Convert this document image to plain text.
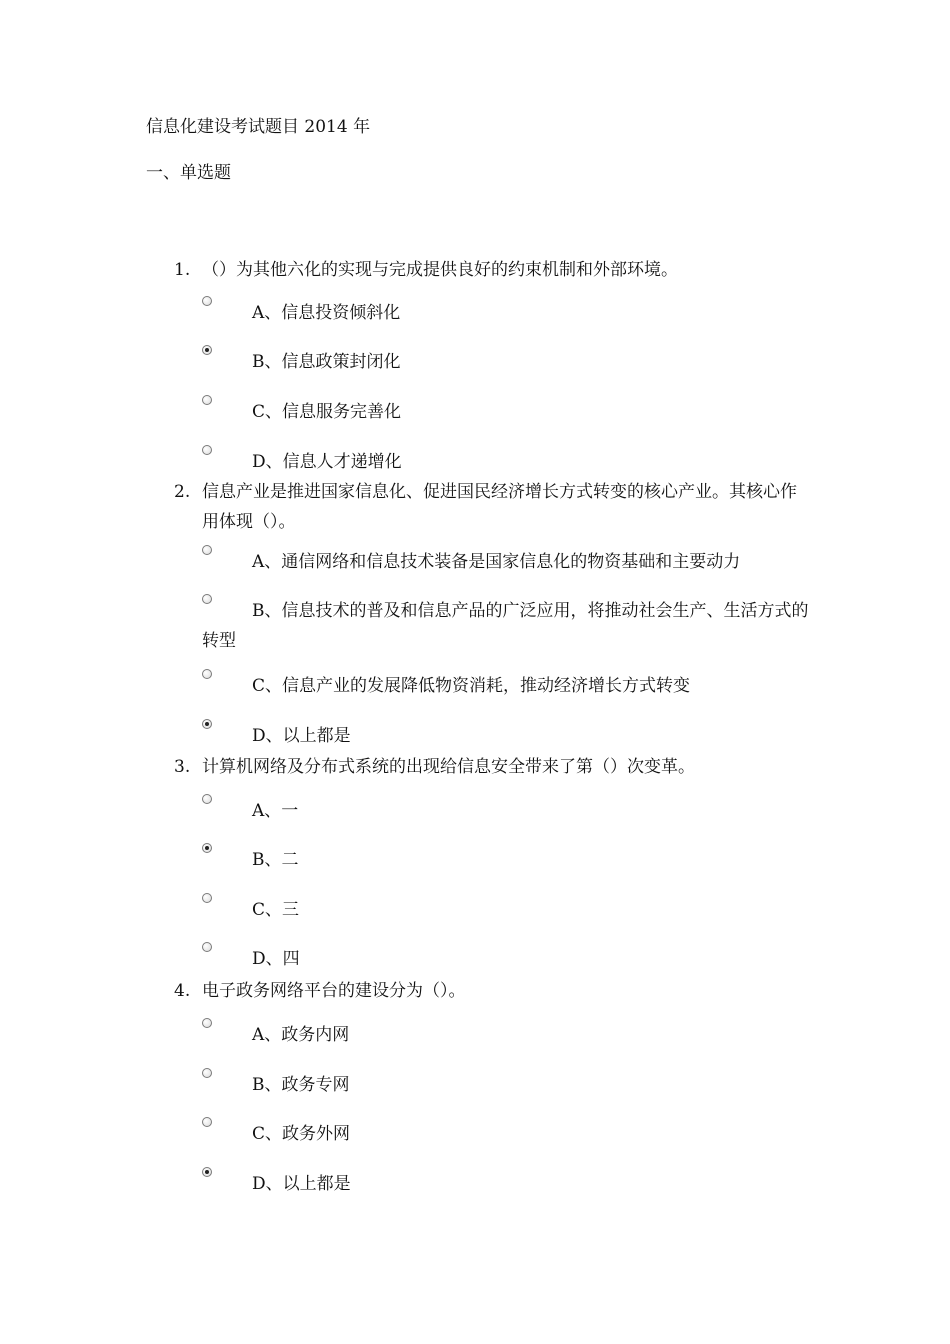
信息化建设考试题目 2014 年
一、单选题
1. （）为其他六化的实现与完成提供良好的约束机制和外部环境。
A、信息投资倾斜化
B、信息政策封闭化
C、信息服务完善化
D、信息人才递增化
2. 信息产业是推进国家信息化、促进国民经济增长方式转变的核心产业。其核心作用体现（）。
A、通信网络和信息技术装备是国家信息化的物资基础和主要动力
B、信息技术的普及和信息产品的广泛应用，将推动社会生产、生活方式的转型
C、信息产业的发展降低物资消耗，推动经济增长方式转变
D、以上都是
3. 计算机网络及分布式系统的出现给信息安全带来了第（）次变革。
A、一
B、二
C、三
D、四
4. 电子政务网络平台的建设分为（）。
A、政务内网
B、政务专网
C、政务外网
D、以上都是
